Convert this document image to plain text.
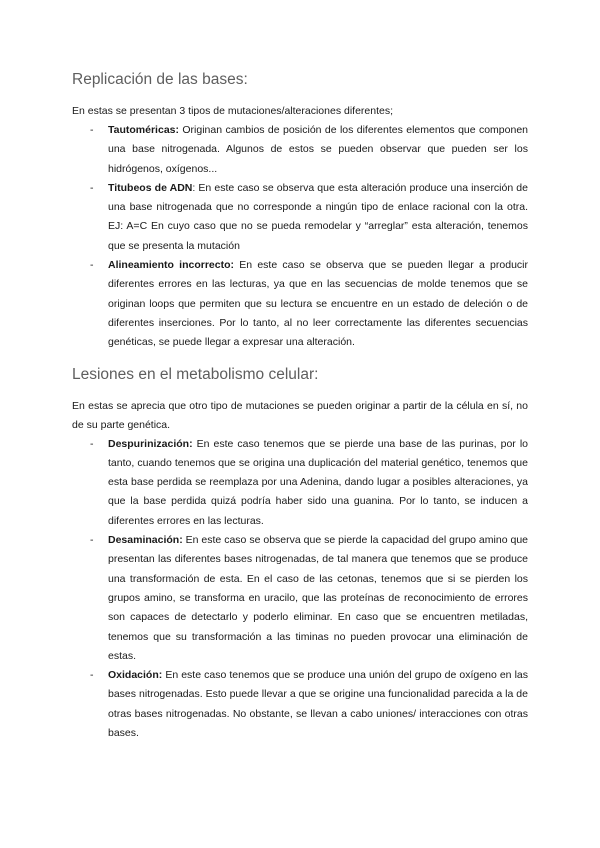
Replicación de las bases:

En estas se presentan 3 tipos de mutaciones/alteraciones diferentes;

- Tautoméricas: Originan cambios de posición de los diferentes elementos que componen una base nitrogenada. Algunos de estos se pueden observar que pueden ser los hidrógenos, oxígenos...
- Titubeos de ADN: En este caso se observa que esta alteración produce una inserción de una base nitrogenada que no corresponde a ningún tipo de enlace racional con la otra. EJ: A=C En cuyo caso que no se pueda remodelar y “arreglar” esta alteración, tenemos que se presenta la mutación
- Alineamiento incorrecto: En este caso se observa que se pueden llegar a producir diferentes errores en las lecturas, ya que en las secuencias de molde tenemos que se originan loops que permiten que su lectura se encuentre en un estado de deleción o de diferentes inserciones. Por lo tanto, al no leer correctamente las diferentes secuencias genéticas, se puede llegar a expresar una alteración.
Lesiones en el metabolismo celular:

En estas se aprecia que otro tipo de mutaciones se pueden originar a partir de la célula en sí, no de su parte genética.

- Despurinización: En este caso tenemos que se pierde una base de las purinas, por lo tanto, cuando tenemos que se origina una duplicación del material genético, tenemos que esta base perdida se reemplaza por una Adenina, dando lugar a posibles alteraciones, ya que la base perdida quizá podría haber sido una guanina. Por lo tanto, se inducen a diferentes errores en las lecturas.
- Desaminación: En este caso se observa que se pierde la capacidad del grupo amino que presentan las diferentes bases nitrogenadas, de tal manera que tenemos que se produce una transformación de esta. En el caso de las cetonas, tenemos que si se pierden los grupos amino, se transforma en uracilo, que las proteínas de reconocimiento de errores son capaces de detectarlo y poderlo eliminar. En caso que se encuentren metiladas, tenemos que su transformación a las timinas no pueden provocar una eliminación de estas.
- Oxidación: En este caso tenemos que se produce una unión del grupo de oxígeno en las bases nitrogenadas. Esto puede llevar a que se origine una funcionalidad parecida a la de otras bases nitrogenadas. No obstante, se llevan a cabo uniones/ interacciones con otras bases.
